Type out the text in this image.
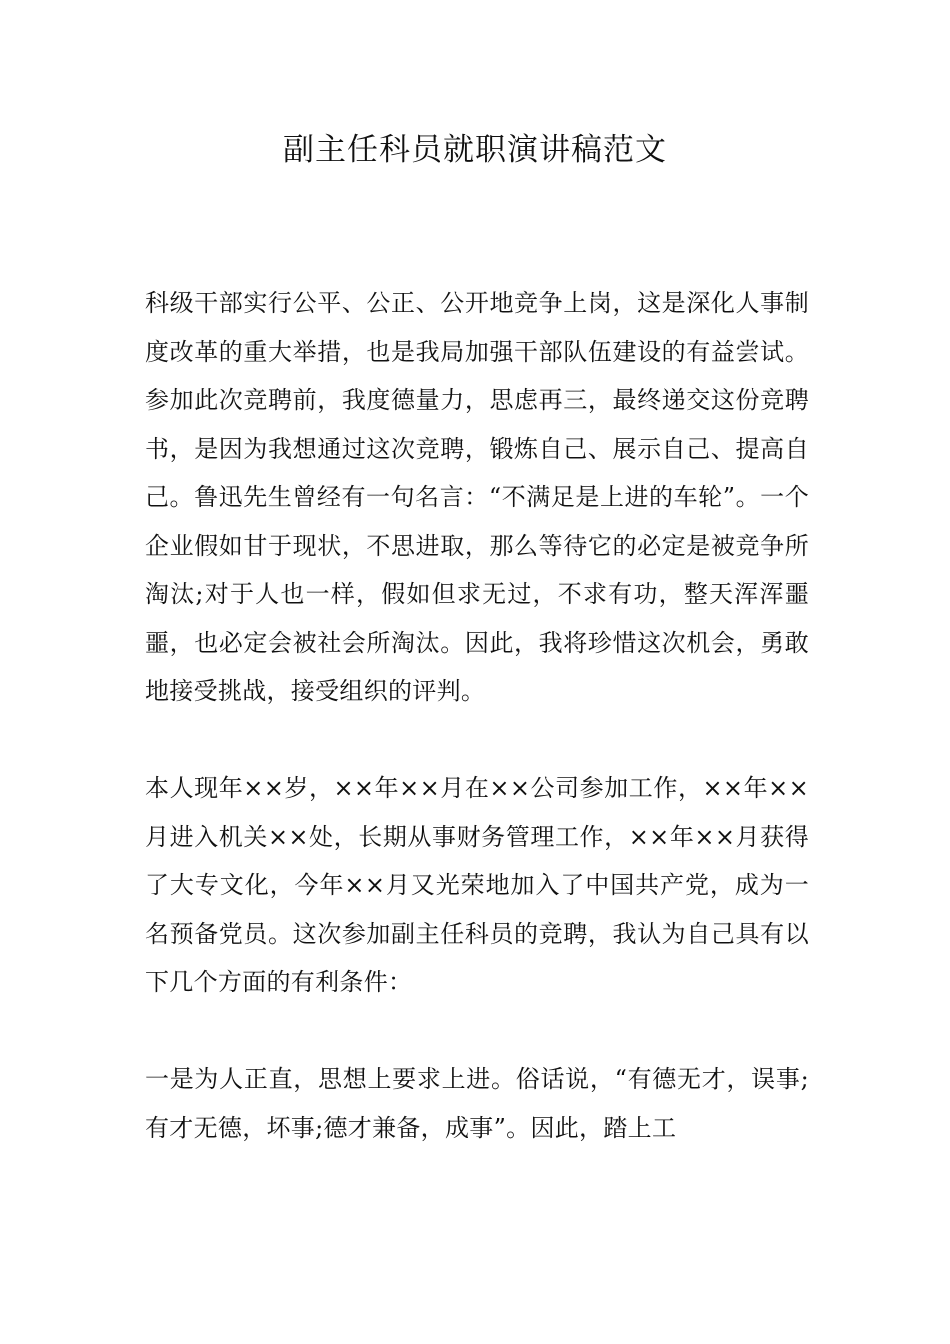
副主任科员就职演讲稿范文

科级干部实行公平、公正、公开地竞争上岗，这是深化人事制度改革的重大举措，也是我局加强干部队伍建设的有益尝试。参加此次竞聘前，我度德量力，思虑再三，最终递交这份竞聘书，是因为我想通过这次竞聘，锻炼自己、展示自己、提高自己。鲁迅先生曾经有一句名言：“不满足是上进的车轮”。一个企业假如甘于现状，不思进取，那么等待它的必定是被竞争所淘汰;对于人也一样，假如但求无过，不求有功，整天浑浑噩噩，也必定会被社会所淘汰。因此，我将珍惜这次机会，勇敢地接受挑战，接受组织的评判。

本人现年××岁，××年××月在××公司参加工作，××年××月进入机关××处，长期从事财务管理工作，××年××月获得了大专文化，今年××月又光荣地加入了中国共产党，成为一名预备党员。这次参加副主任科员的竞聘，我认为自己具有以下几个方面的有利条件：

一是为人正直，思想上要求上进。俗话说，“有德无才，误事;有才无德，坏事;德才兼备，成事”。因此，踏上工
